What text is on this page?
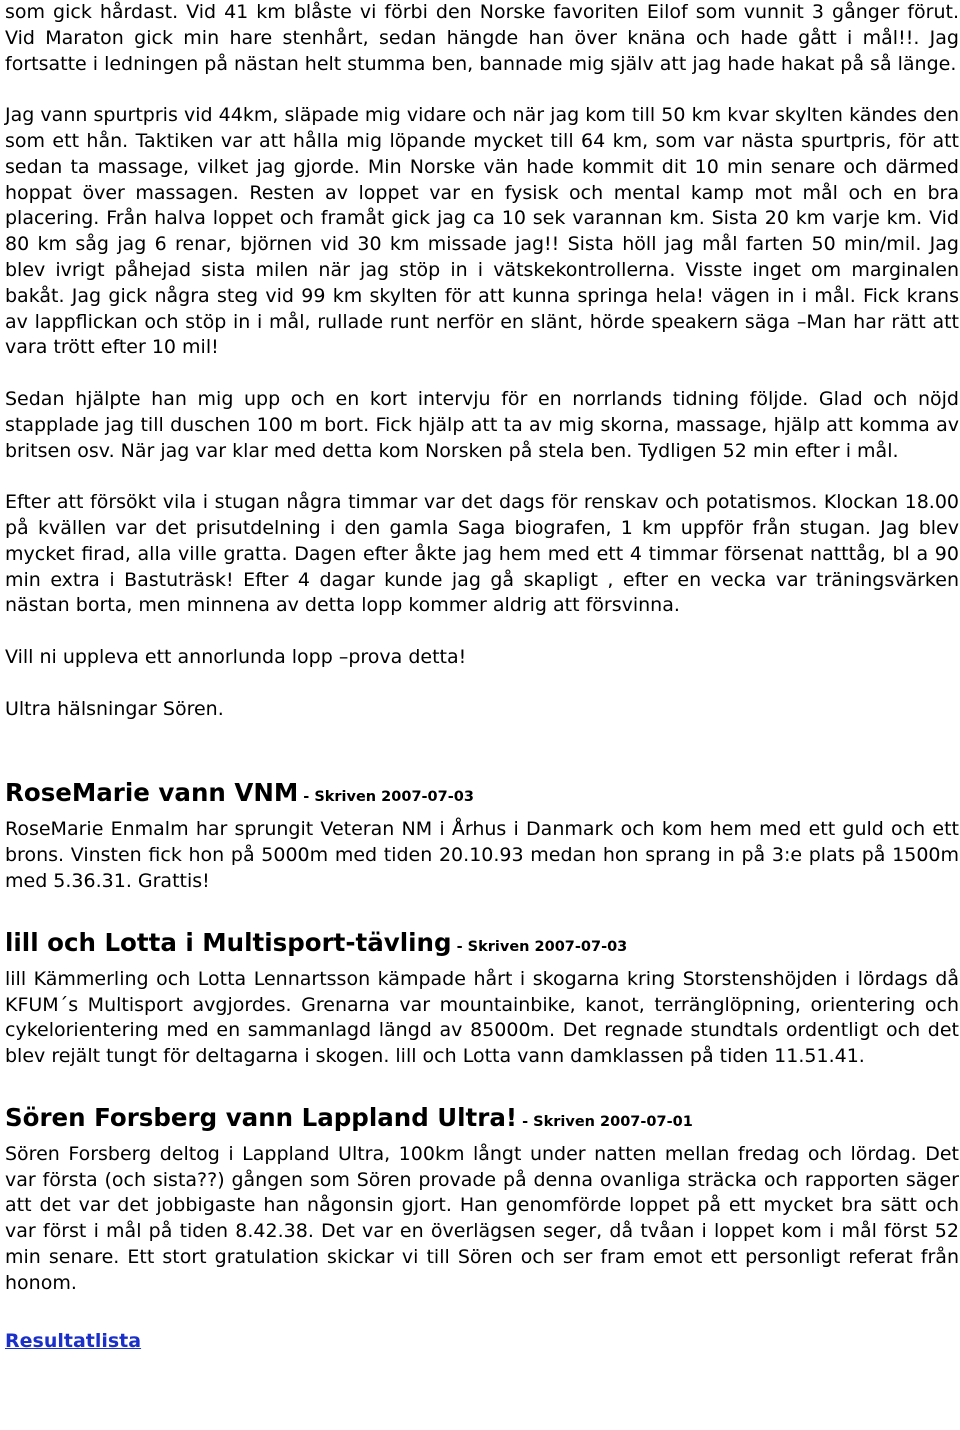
som gick hårdast. Vid 41 km blåste vi förbi den Norske favoriten Eilof som vunnit 3 gånger förut. Vid Maraton gick min hare stenhårt, sedan hängde han över knäna och hade gått i mål!!. Jag fortsatte i ledningen på nästan helt stumma ben, bannade mig själv att jag hade hakat på så länge.

Jag vann spurtpris vid 44km, släpade mig vidare och när jag kom till 50 km kvar skylten kändes den som ett hån. Taktiken var att hålla mig löpande mycket till 64 km, som var nästa spurtpris, för att sedan ta massage, vilket jag gjorde. Min Norske vän hade kommit dit 10 min senare och därmed hoppat över massagen. Resten av loppet var en fysisk och mental kamp mot mål och en bra placering. Från halva loppet och framåt gick jag ca 10 sek varannan km. Sista 20 km varje km. Vid 80 km såg jag 6 renar, björnen vid 30 km missade jag!! Sista höll jag mål farten 50 min/mil. Jag blev ivrigt påhejad sista milen när jag stöp in i vätskekontrollerna. Visste inget om marginalen bakåt. Jag gick några steg vid 99 km skylten för att kunna springa hela! vägen in i mål. Fick krans av lappflickan och stöp in i mål, rullade runt nerför en slänt, hörde speakern säga –Man har rätt att vara trött efter 10 mil!

Sedan hjälpte han mig upp och en kort intervju för en norrlands tidning följde. Glad och nöjd stapplade jag till duschen 100 m bort. Fick hjälp att ta av mig skorna, massage, hjälp att komma av britsen osv. När jag var klar med detta kom Norsken på stela ben. Tydligen 52 min efter i mål.

Efter att försökt vila i stugan några timmar var det dags för renskav och potatismos. Klockan 18.00 på kvällen var det prisutdelning i den gamla Saga biografen, 1 km uppför från stugan. Jag blev mycket firad, alla ville gratta. Dagen efter åkte jag hem med ett 4 timmar försenat natttåg, bl a 90 min extra i Bastuträsk! Efter 4 dagar kunde jag gå skapligt , efter en vecka var träningsvärken nästan borta, men minnena av detta lopp kommer aldrig att försvinna.

Vill ni uppleva ett annorlunda lopp –prova detta!

Ultra hälsningar Sören.

RoseMarie vann VNM - Skriven 2007-07-03

RoseMarie Enmalm har sprungit Veteran NM i Århus i Danmark och kom hem med ett guld och ett brons. Vinsten fick hon på 5000m med tiden 20.10.93 medan hon sprang in på 3:e plats på 1500m med 5.36.31. Grattis!

lill och Lotta i Multisport-tävling - Skriven 2007-07-03

lill Kämmerling och Lotta Lennartsson kämpade hårt i skogarna kring Storstenshöjden i lördags då KFUM´s Multisport avgjordes. Grenarna var mountainbike, kanot, terränglöpning, orientering och cykelorientering med en sammanlagd längd av 85000m. Det regnade stundtals ordentligt och det blev rejält tungt för deltagarna i skogen. lill och Lotta vann damklassen på tiden 11.51.41.

Sören Forsberg vann Lappland Ultra! - Skriven 2007-07-01

Sören Forsberg deltog i Lappland Ultra, 100km långt under natten mellan fredag och lördag. Det var första (och sista??) gången som Sören provade på denna ovanliga sträcka och rapporten säger att det var det jobbigaste han någonsin gjort. Han genomförde loppet på ett mycket bra sätt och var först i mål på tiden 8.42.38. Det var en överlägsen seger, då tvåan i loppet kom i mål först 52 min senare. Ett stort gratulation skickar vi till Sören och ser fram emot ett personligt referat från honom.

Resultatlista
